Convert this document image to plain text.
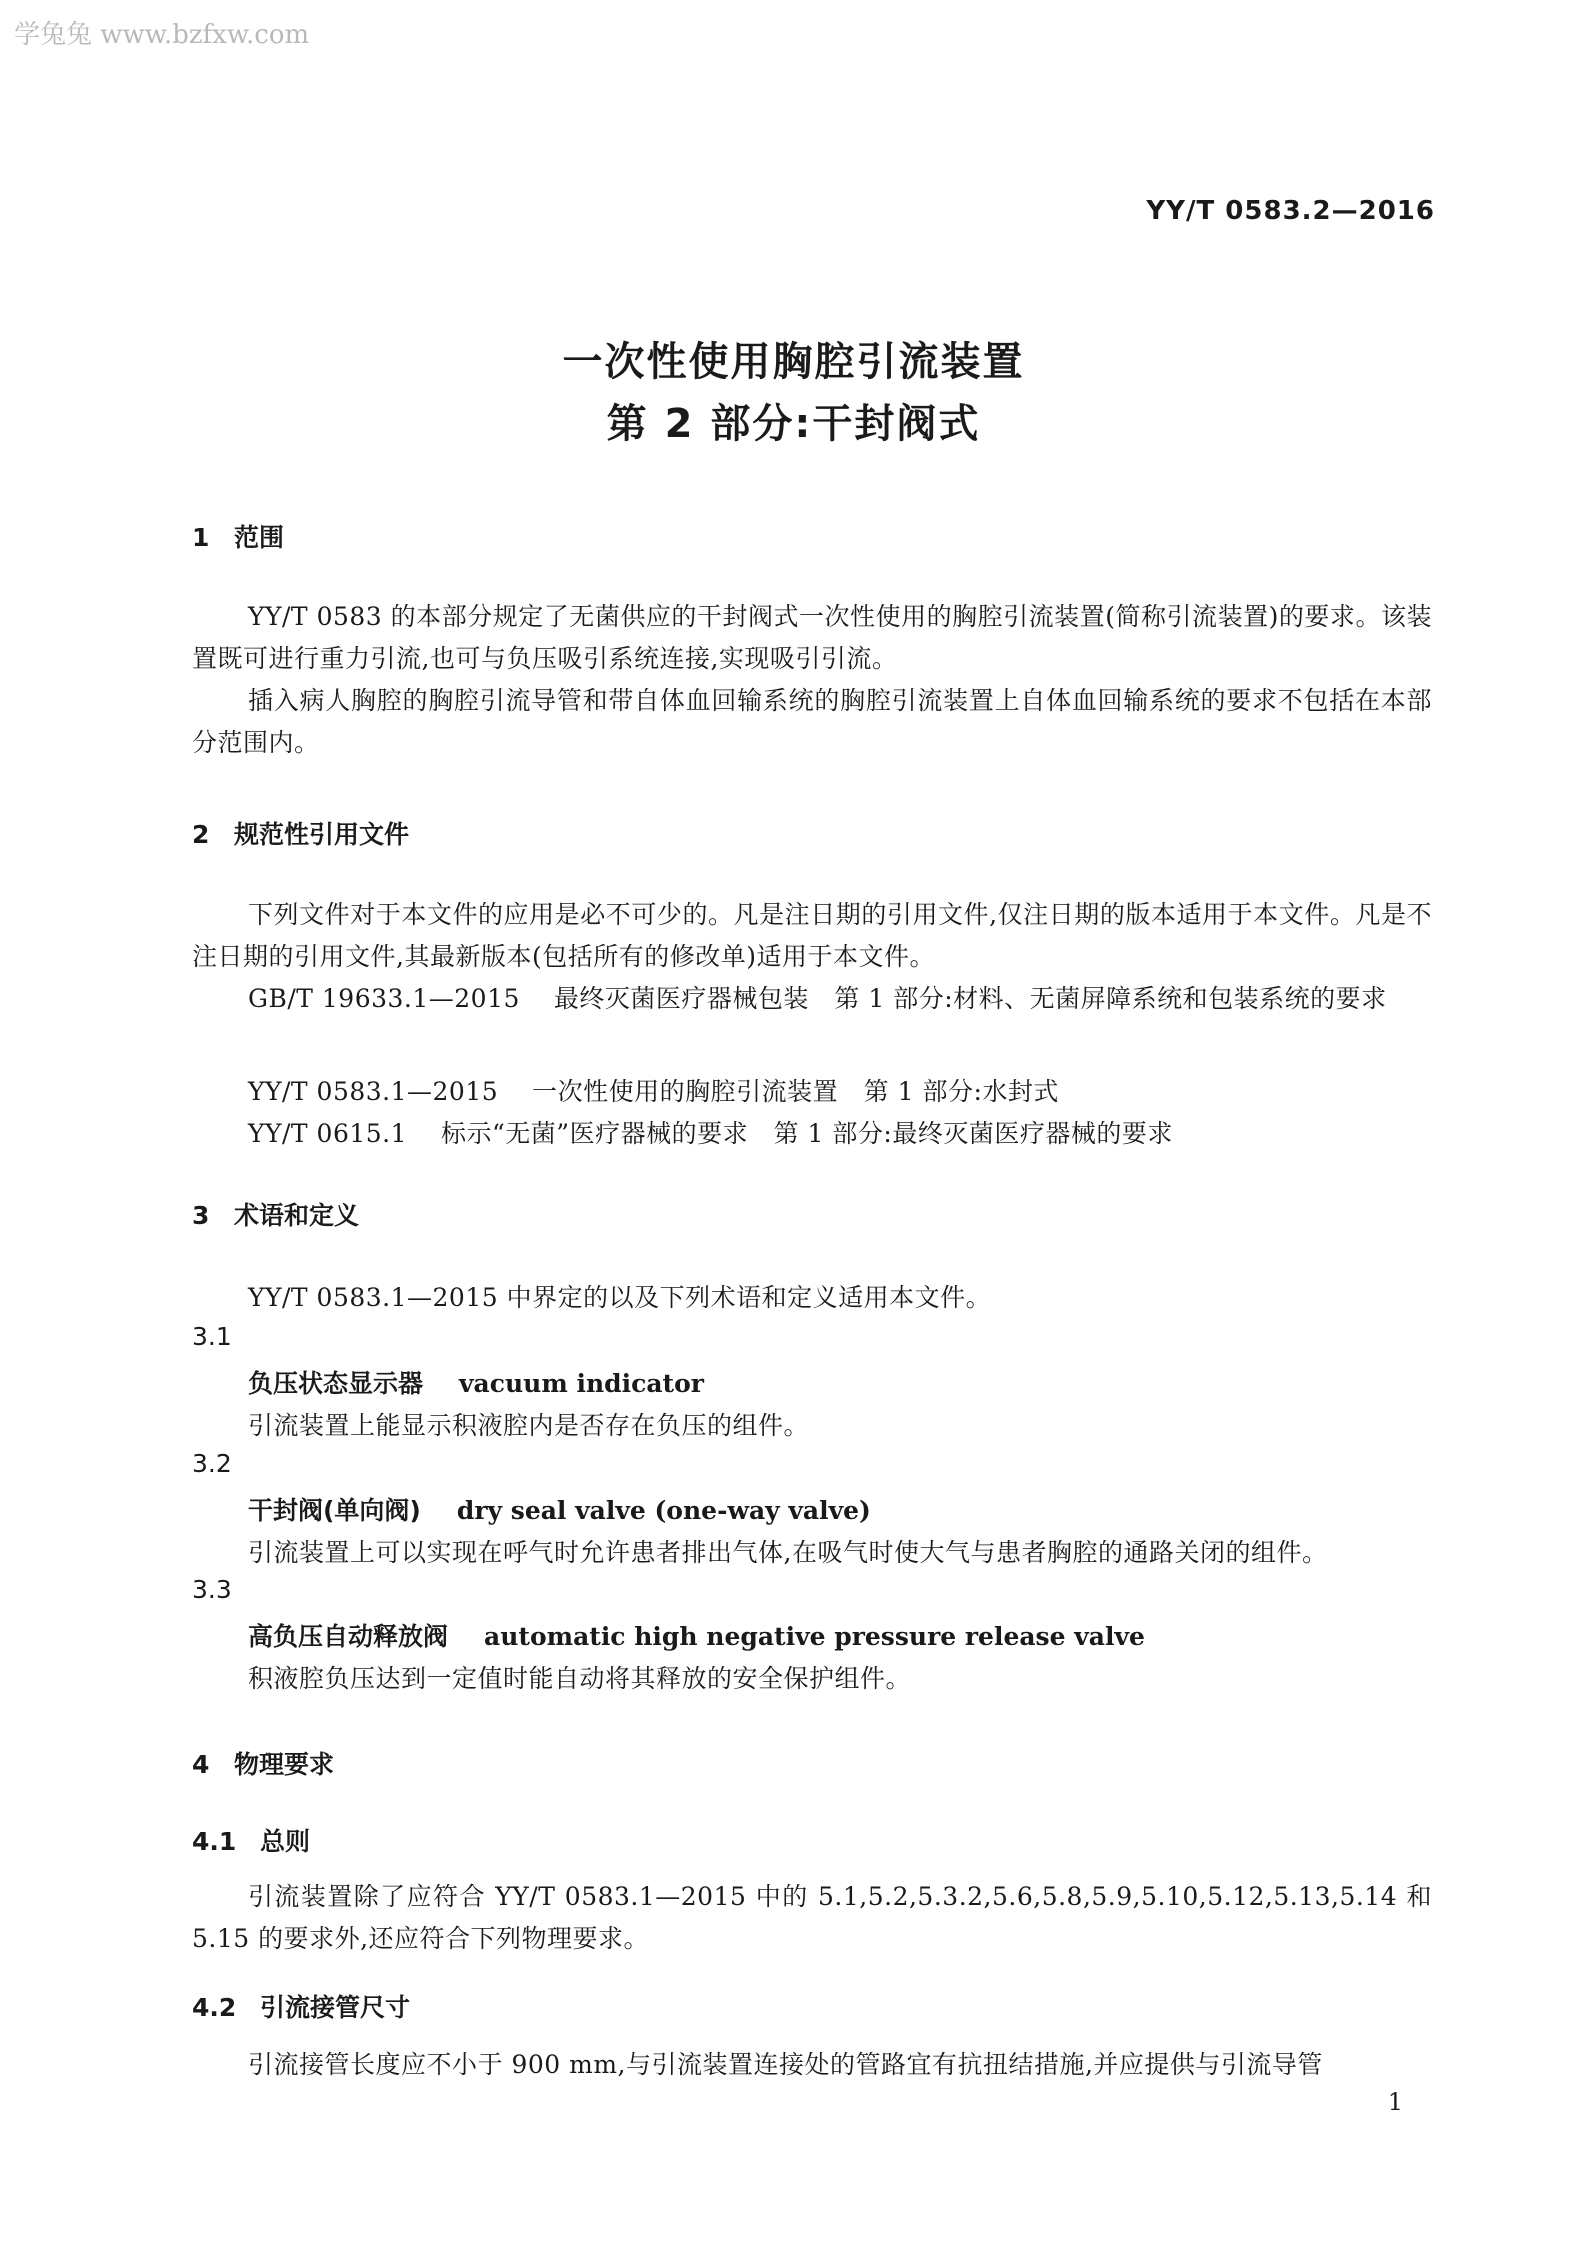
学兔兔 www.bzfxw.com
YY/T 0583.2—2016
一次性使用胸腔引流装置
第 2 部分:干封阀式
1 范围
YY/T 0583 的本部分规定了无菌供应的干封阀式一次性使用的胸腔引流装置(简称引流装置)的要求。该装置既可进行重力引流,也可与负压吸引系统连接,实现吸引引流。
插入病人胸腔的胸腔引流导管和带自体血回输系统的胸腔引流装置上自体血回输系统的要求不包括在本部分范围内。
2 规范性引用文件
下列文件对于本文件的应用是必不可少的。凡是注日期的引用文件,仅注日期的版本适用于本文件。凡是不注日期的引用文件,其最新版本(包括所有的修改单)适用于本文件。
GB/T 19633.1—2015 最终灭菌医疗器械包装　第 1 部分:材料、无菌屏障系统和包装系统的要求
YY/T 0583.1—2015 一次性使用的胸腔引流装置　第 1 部分:水封式
YY/T 0615.1 标示“无菌”医疗器械的要求　第 1 部分:最终灭菌医疗器械的要求
3 术语和定义
YY/T 0583.1—2015 中界定的以及下列术语和定义适用本文件。
3.1
负压状态显示器 vacuum indicator
引流装置上能显示积液腔内是否存在负压的组件。
3.2
干封阀(单向阀) dry seal valve (one-way valve)
引流装置上可以实现在呼气时允许患者排出气体,在吸气时使大气与患者胸腔的通路关闭的组件。
3.3
高负压自动释放阀 automatic high negative pressure release valve
积液腔负压达到一定值时能自动将其释放的安全保护组件。
4 物理要求
4.1 总则
引流装置除了应符合 YY/T 0583.1—2015 中的 5.1,5.2,5.3.2,5.6,5.8,5.9,5.10,5.12,5.13,5.14 和 5.15 的要求外,还应符合下列物理要求。
4.2 引流接管尺寸
引流接管长度应不小于 900 mm,与引流装置连接处的管路宜有抗扭结措施,并应提供与引流导管
1
